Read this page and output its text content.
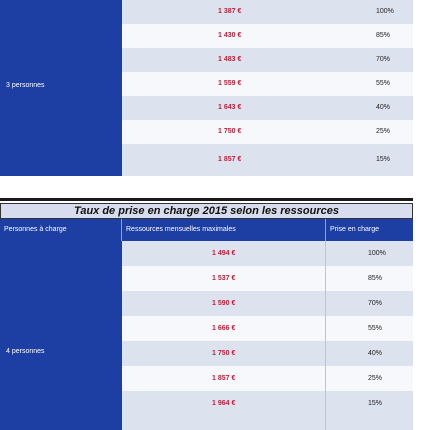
3 personnes
1 387 €	100%
1 430 €	85%
1 483 €	70%
1 559 €	55%
1 643 €	40%
1 750 €	25%
1 857 €	15%
Taux de prise en charge 2015 selon les ressources
Personnes à charge	Ressources mensuelles maximales	Prise en charge
4 personnes
1 494 €	100%
1 537 €	85%
1 590 €	70%
1 666 €	55%
1 750 €	40%
1 857 €	25%
1 964 €	15%
